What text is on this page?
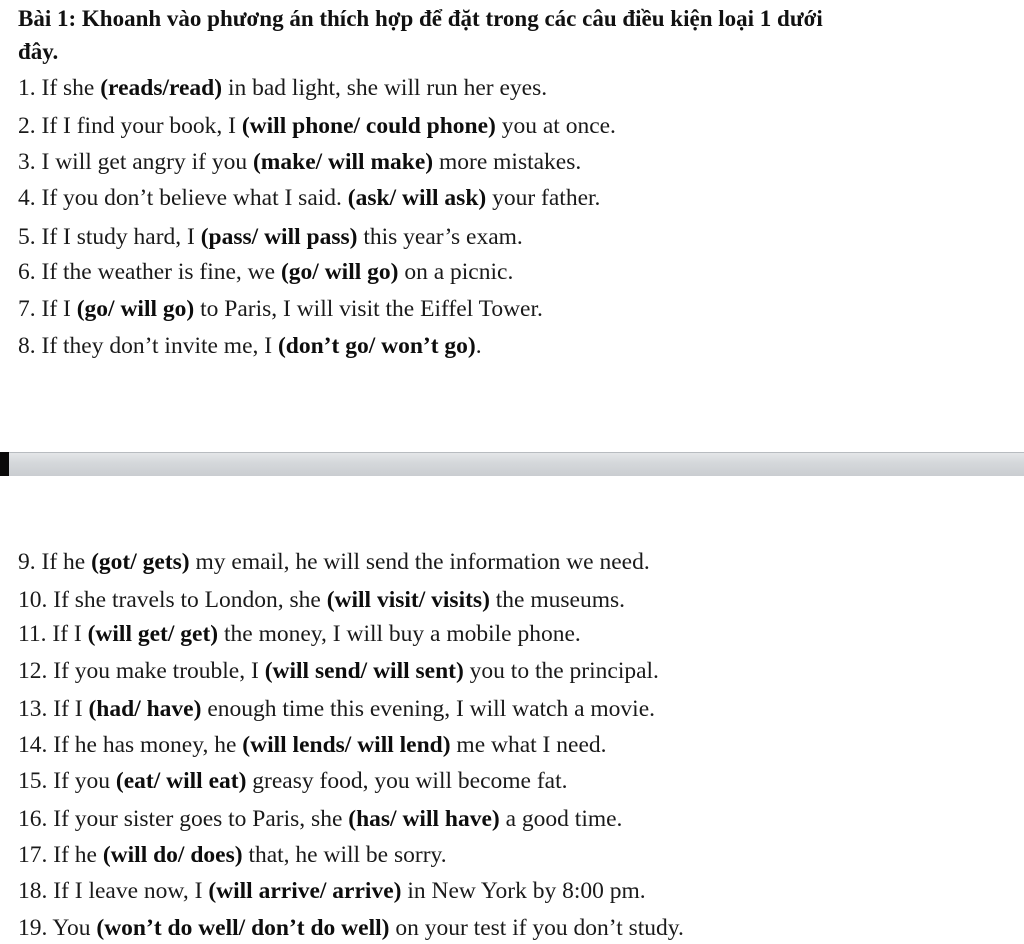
Bài 1: Khoanh vào phương án thích hợp để đặt trong các câu điều kiện loại 1 dưới
đây.
1. If she (reads/read) in bad light, she will run her eyes.
2. If I find your book, I (will phone/ could phone) you at once.
3. I will get angry if you (make/ will make) more mistakes.
4. If you don’t believe what I said. (ask/ will ask) your father.
5. If I study hard, I (pass/ will pass) this year’s exam.
6. If the weather is fine, we (go/ will go) on a picnic.
7. If I (go/ will go) to Paris, I will visit the Eiffel Tower.
8. If they don’t invite me, I (don’t go/ won’t go).
9. If he (got/ gets) my email, he will send the information we need.
10. If she travels to London, she (will visit/ visits) the museums.
11. If I (will get/ get) the money, I will buy a mobile phone.
12. If you make trouble, I (will send/ will sent) you to the principal.
13. If I (had/ have) enough time this evening, I will watch a movie.
14. If he has money, he (will lends/ will lend) me what I need.
15. If you (eat/ will eat) greasy food, you will become fat.
16. If your sister goes to Paris, she (has/ will have) a good time.
17. If he (will do/ does) that, he will be sorry.
18. If I leave now, I (will arrive/ arrive) in New York by 8:00 pm.
19. You (won’t do well/ don’t do well) on your test if you don’t study.
